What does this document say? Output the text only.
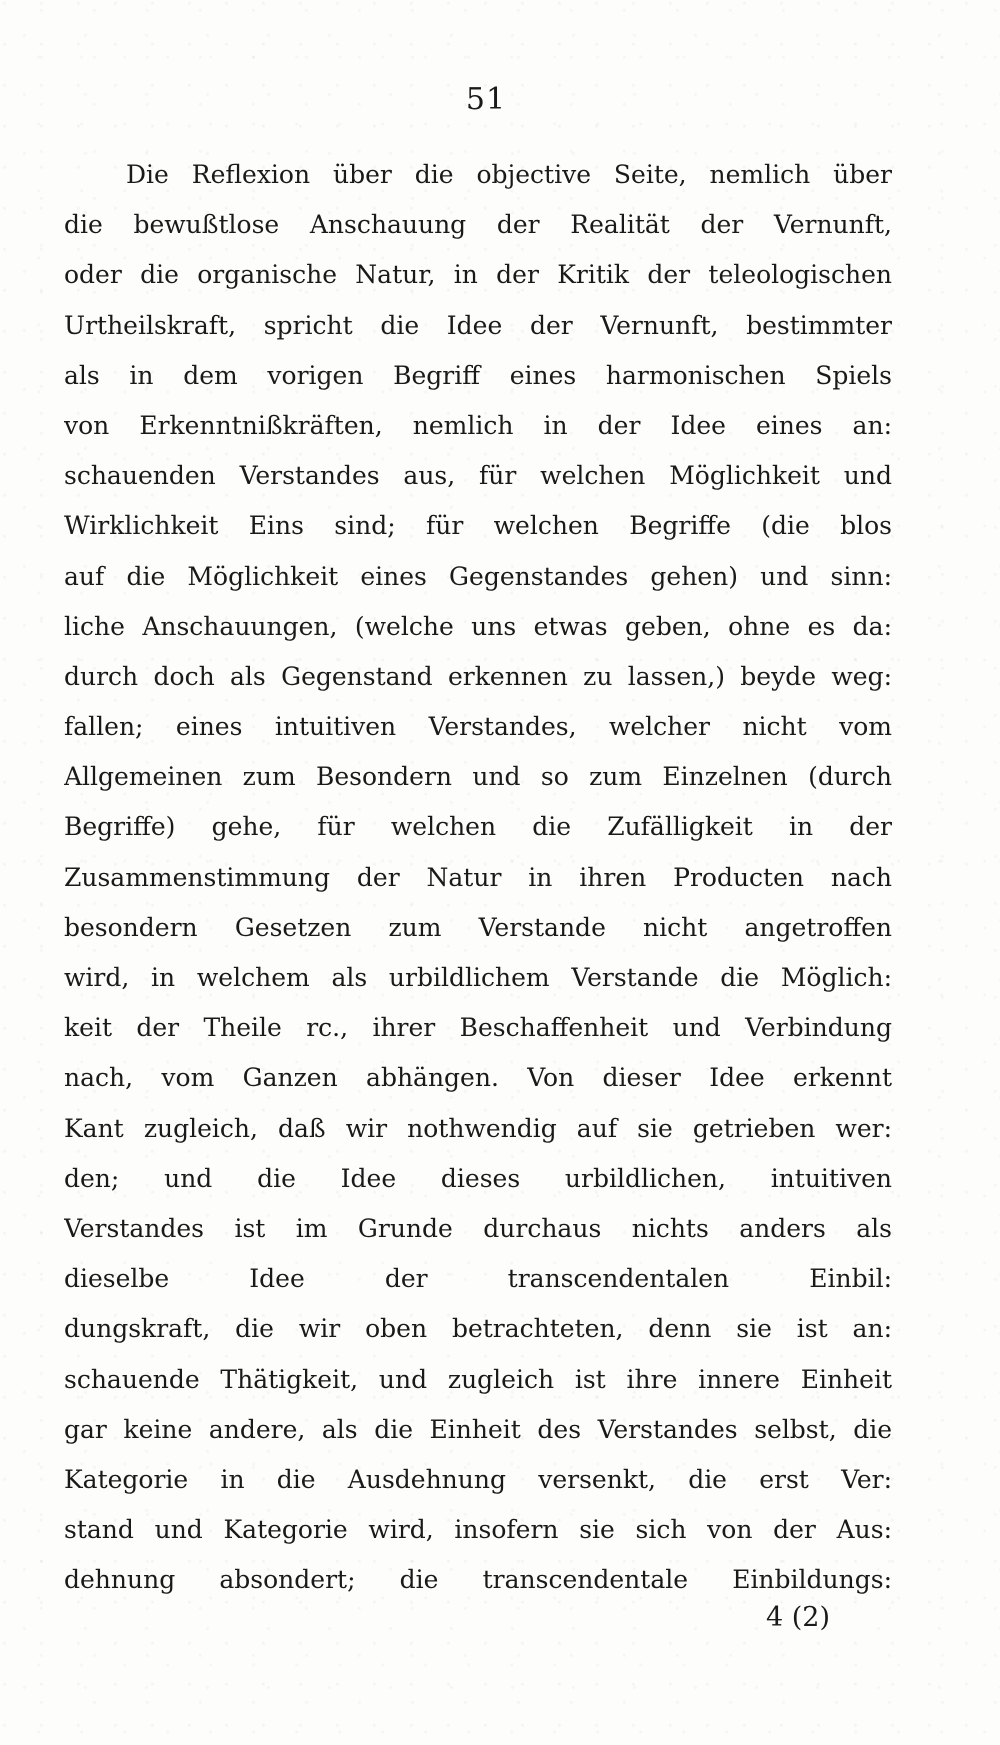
51
Die Reflexion über die objective Seite, nemlich über
die bewußtlose Anschauung der Realität der Vernunft,
oder die organische Natur, in der Kritik der teleologischen
Urtheilskraft, spricht die Idee der Vernunft, bestimmter
als in dem vorigen Begriff eines harmonischen Spiels
von Erkenntnißkräften, nemlich in der Idee eines an:
schauenden Verstandes aus, für welchen Möglichkeit und
Wirklichkeit Eins sind; für welchen Begriffe (die blos
auf die Möglichkeit eines Gegenstandes gehen) und sinn:
liche Anschauungen, (welche uns etwas geben, ohne es da:
durch doch als Gegenstand erkennen zu lassen,) beyde weg:
fallen; eines intuitiven Verstandes, welcher nicht vom
Allgemeinen zum Besondern und so zum Einzelnen (durch
Begriffe) gehe, für welchen die Zufälligkeit in der
Zusammenstimmung der Natur in ihren Producten nach
besondern Gesetzen zum Verstande nicht angetroffen
wird, in welchem als urbildlichem Verstande die Möglich:
keit der Theile rc., ihrer Beschaffenheit und Verbindung
nach, vom Ganzen abhängen. Von dieser Idee erkennt
Kant zugleich, daß wir nothwendig auf sie getrieben wer:
den; und die Idee dieses urbildlichen, intuitiven
Verstandes ist im Grunde durchaus nichts anders als
dieselbe Idee der transcendentalen Einbil:
dungskraft, die wir oben betrachteten, denn sie ist an:
schauende Thätigkeit, und zugleich ist ihre innere Einheit
gar keine andere, als die Einheit des Verstandes selbst, die
Kategorie in die Ausdehnung versenkt, die erst Ver:
stand und Kategorie wird, insofern sie sich von der Aus:
dehnung absondert; die transcendentale Einbildungs:
4 (2)
